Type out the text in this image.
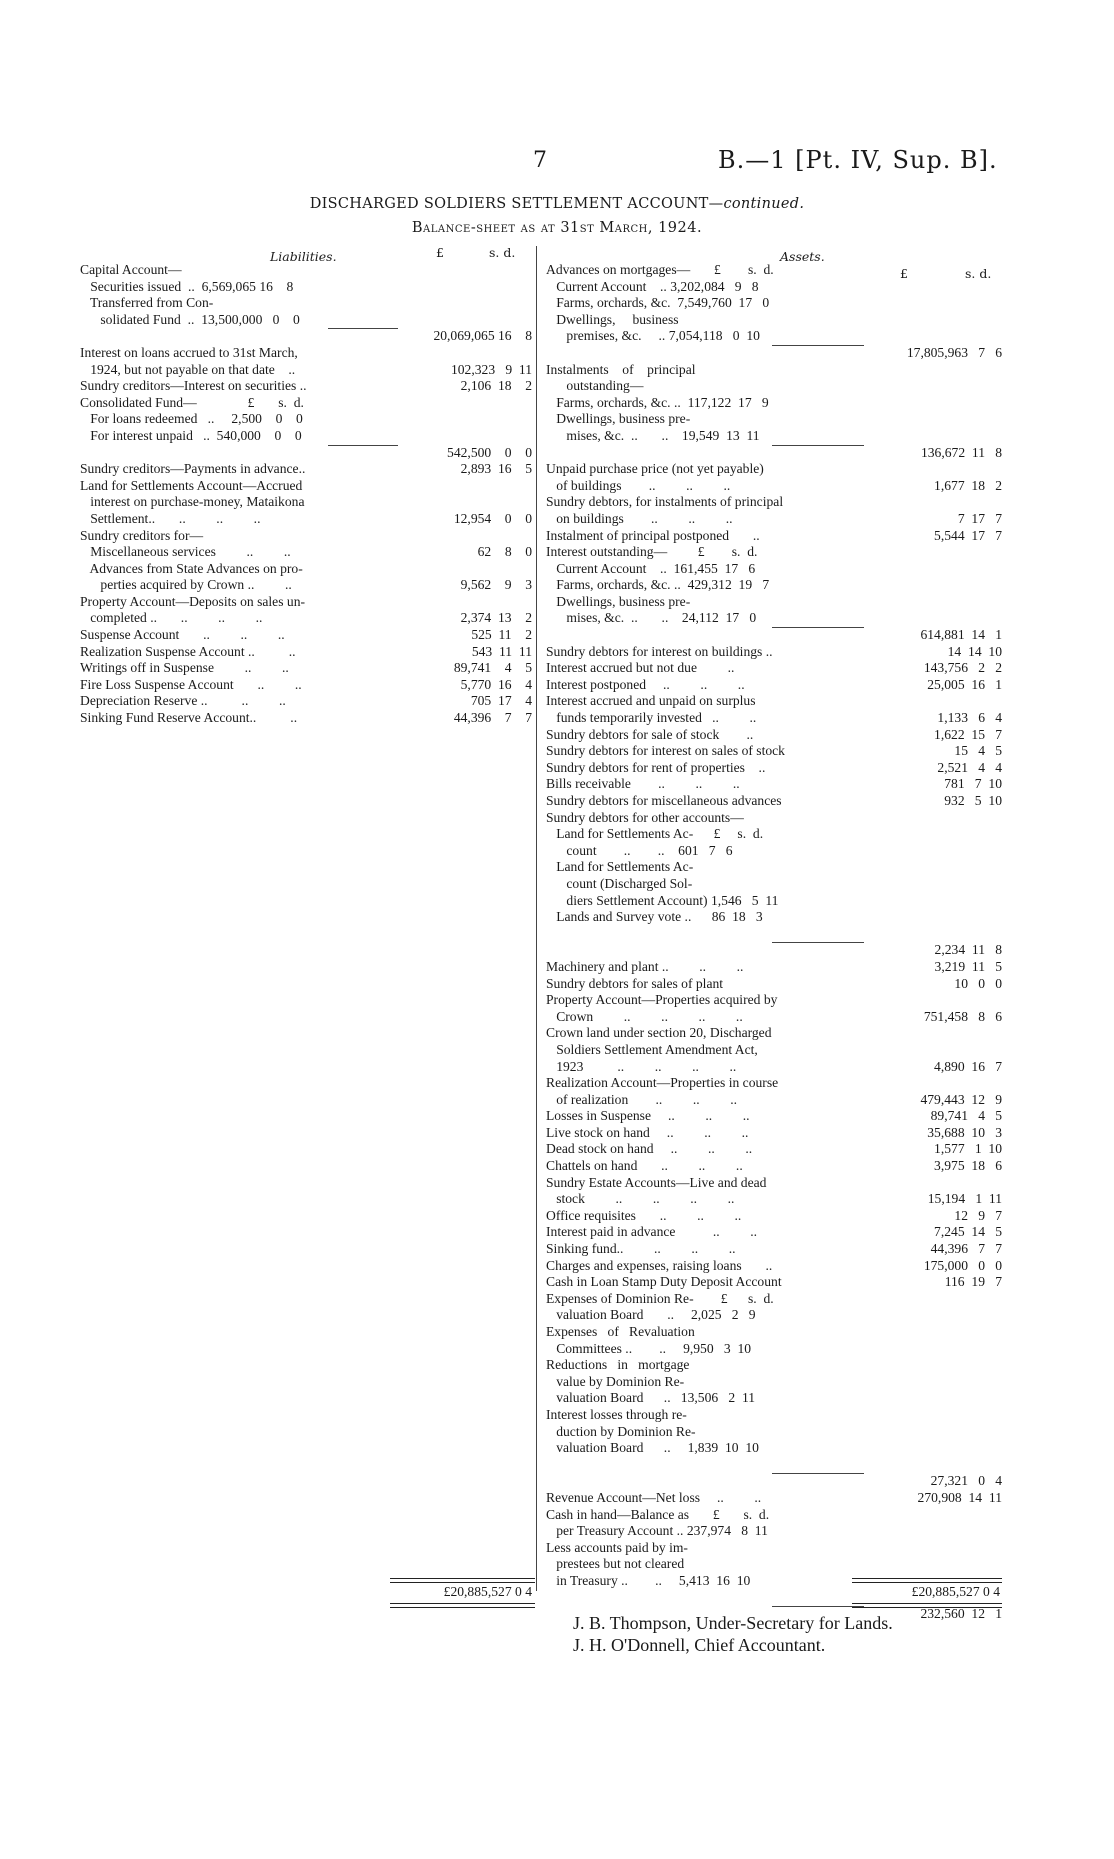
7	B.—1 [Pt. IV, Sup. B].
DISCHARGED SOLDIERS SETTLEMENT ACCOUNT—continued.
Balance-sheet as at 31st March, 1924.
Liabilities.	£	s. d.	Assets.
£	s. d.
Capital Account—
Securities issued  ..  6,569,065 16    8
Transferred from Con-
solidated Fund  ..  13,500,000   0    0
20,069,065 16    8
Interest on loans accrued to 31st March,
1924, but not payable on that date    ..	102,323   9  11
Sundry creditors—Interest on securities ..	2,106  18    2
Consolidated Fund—               £       s.  d.
For loans redeemed   ..     2,500    0    0
For interest unpaid   ..  540,000    0    0
542,500    0    0
Sundry creditors—Payments in advance..	2,893  16    5
Land for Settlements Account—Accrued
interest on purchase-money, Mataikona
Settlement..       ..         ..         ..	12,954    0    0
Sundry creditors for—
Miscellaneous services         ..         ..	62    8    0
Advances from State Advances on pro-
perties acquired by Crown ..         ..	9,562    9    3
Property Account—Deposits on sales un-
completed ..       ..         ..         ..	2,374  13    2
Suspense Account       ..         ..         ..	525  11    2
Realization Suspense Account ..          ..	543  11  11
Writings off in Suspense         ..         ..	89,741    4    5
Fire Loss Suspense Account       ..         ..	5,770  16    4
Depreciation Reserve ..          ..         ..	705  17    4
Sinking Fund Reserve Account..          ..	44,396    7    7
Advances on mortgages—       £        s.  d.
Current Account    .. 3,202,084   9   8
Farms, orchards, &c.  7,549,760  17   0
Dwellings,     business
premises, &c.     .. 7,054,118   0  10
17,805,963   7   6
Instalments    of    principal
outstanding—
Farms, orchards, &c. ..  117,122  17   9
Dwellings, business pre-
mises, &c.  ..       ..    19,549  13  11
136,672  11   8
Unpaid purchase price (not yet payable)
of buildings        ..         ..         ..	1,677  18   2
Sundry debtors, for instalments of principal
on buildings        ..         ..         ..	7  17   7
Instalment of principal postponed       ..	5,544  17   7
Interest outstanding—         £        s.  d.
Current Account    ..  161,455  17   6
Farms, orchards, &c. ..  429,312  19   7
Dwellings, business pre-
mises, &c.  ..       ..    24,112  17   0
614,881  14   1
Sundry debtors for interest on buildings ..	14  14  10
Interest accrued but not due         ..	143,756   2   2
Interest postponed     ..         ..         ..	25,005  16   1
Interest accrued and unpaid on surplus
funds temporarily invested   ..         ..	1,133   6   4
Sundry debtors for sale of stock        ..	1,622  15   7
Sundry debtors for interest on sales of stock	15   4   5
Sundry debtors for rent of properties    ..	2,521   4   4
Bills receivable        ..         ..         ..	781   7  10
Sundry debtors for miscellaneous advances	932   5  10
Sundry debtors for other accounts—
Land for Settlements Ac-      £     s.  d.
count        ..        ..    601   7   6
Land for Settlements Ac-
count (Discharged Sol-
diers Settlement Account) 1,546   5  11
Lands and Survey vote ..      86  18   3
2,234  11   8
Machinery and plant ..         ..         ..	3,219  11   5
Sundry debtors for sales of plant	10   0   0
Property Account—Properties acquired by
Crown         ..         ..         ..         ..	751,458   8   6
Crown land under section 20, Discharged
Soldiers Settlement Amendment Act,
1923          ..         ..         ..         ..	4,890  16   7
Realization Account—Properties in course
of realization        ..         ..         ..	479,443  12   9
Losses in Suspense     ..         ..         ..	89,741   4   5
Live stock on hand     ..         ..         ..	35,688  10   3
Dead stock on hand     ..         ..         ..	1,577   1  10
Chattels on hand       ..         ..         ..	3,975  18   6
Sundry Estate Accounts—Live and dead
stock         ..         ..         ..         ..	15,194   1  11
Office requisites       ..         ..         ..	12   9   7
Interest paid in advance           ..         ..	7,245  14   5
Sinking fund..         ..         ..         ..	44,396   7   7
Charges and expenses, raising loans       ..	175,000   0   0
Cash in Loan Stamp Duty Deposit Account	116  19   7
Expenses of Dominion Re-        £      s.  d.
valuation Board       ..     2,025   2   9
Expenses   of   Revaluation
Committees ..        ..     9,950   3  10
Reductions   in   mortgage
value by Dominion Re-
valuation Board      ..   13,506   2  11
Interest losses through re-
duction by Dominion Re-
valuation Board      ..     1,839  10  10
27,321   0   4
Revenue Account—Net loss     ..         ..	270,908  14  11
Cash in hand—Balance as       £       s.  d.
per Treasury Account .. 237,974   8  11
Less accounts paid by im-
prestees but not cleared
in Treasury ..        ..     5,413  16  10
232,560  12   1
£20,885,527 0 4	£20,885,527 0 4
J. B. Thompson, Under-Secretary for Lands.
J. H. O'Donnell, Chief Accountant.
